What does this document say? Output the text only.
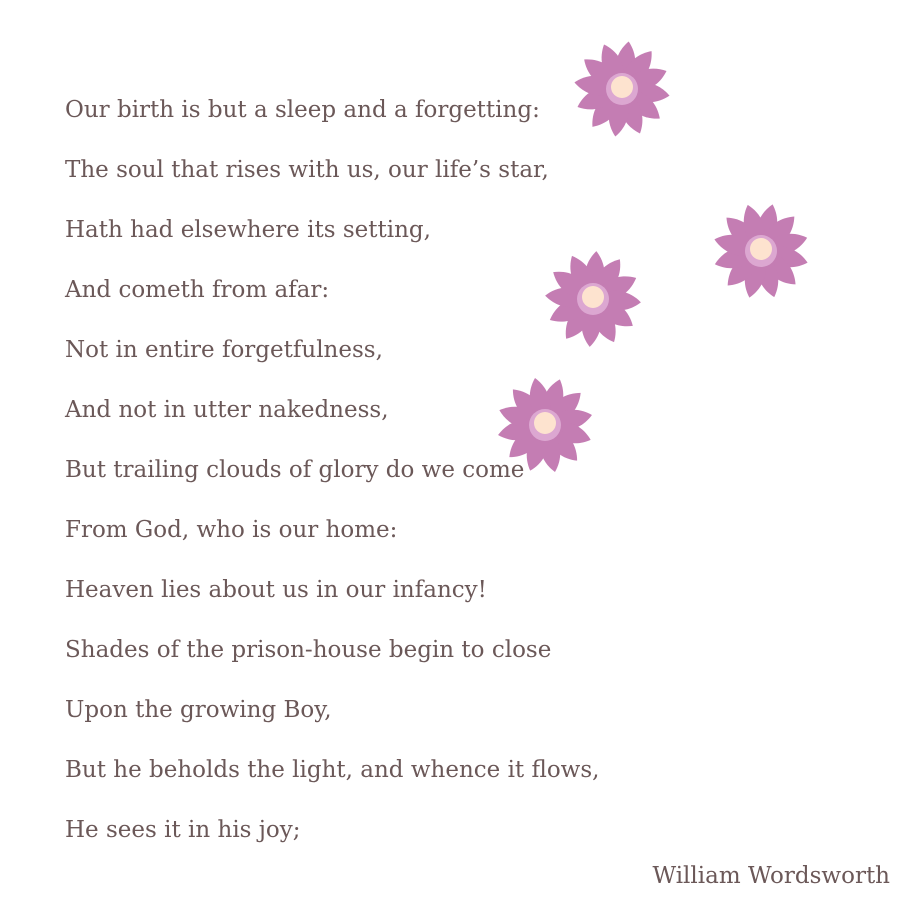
Our birth is but a sleep and a forgetting:
The soul that rises with us, our life’s star,
Hath had elsewhere its setting,
And cometh from afar:
Not in entire forgetfulness,
And not in utter nakedness,
But trailing clouds of glory do we come
From God, who is our home:
Heaven lies about us in our infancy!
Shades of the prison-house begin to close
Upon the growing Boy,
But he beholds the light, and whence it flows,
He sees it in his joy;
William Wordsworth
